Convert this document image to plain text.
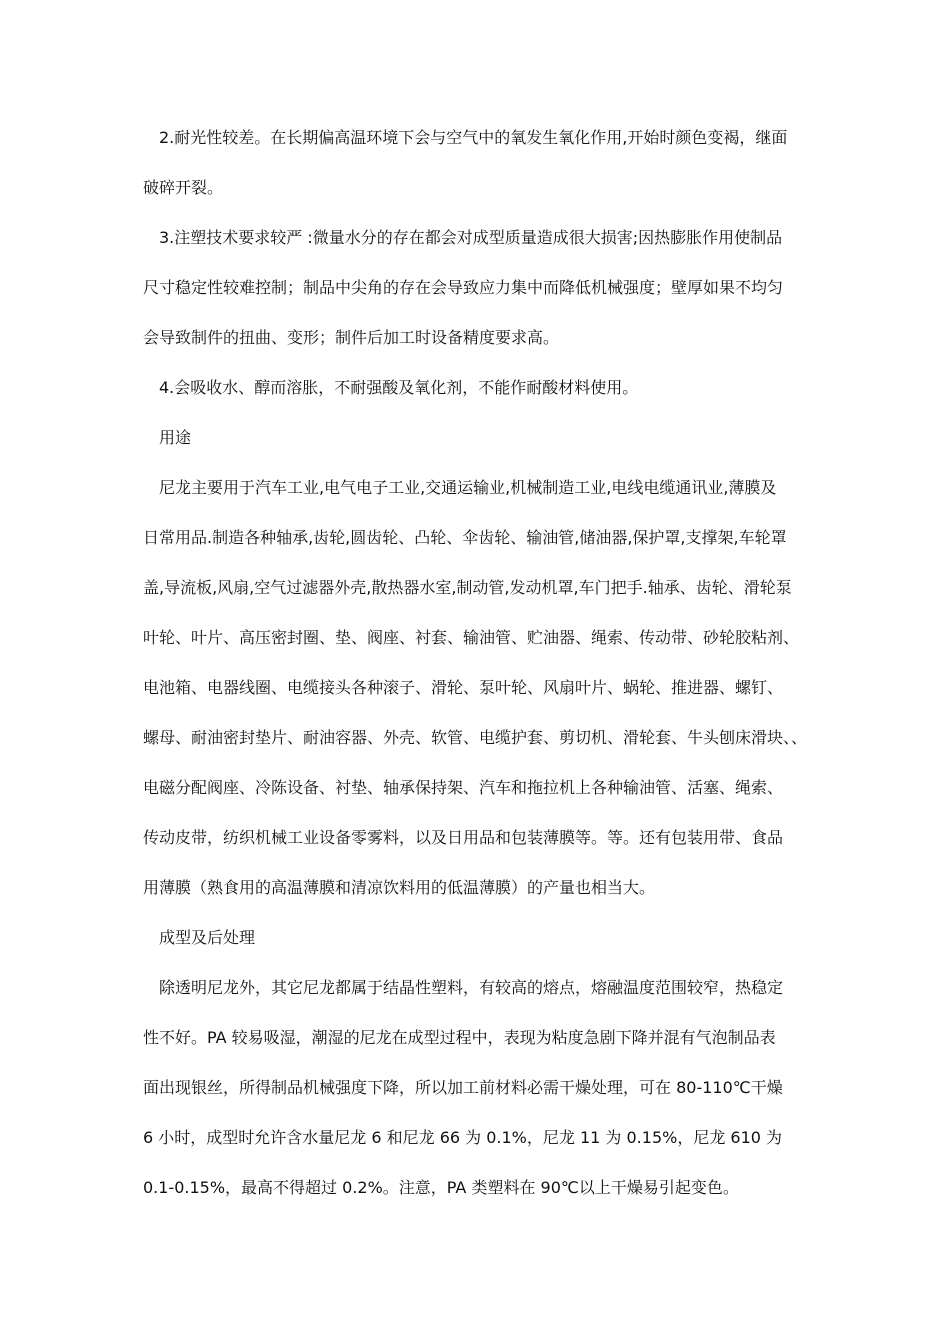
2.耐光性较差。在长期偏高温环境下会与空气中的氧发生氧化作用,开始时颜色变褐，继面
破碎开裂。
3.注塑技术要求较严 :微量水分的存在都会对成型质量造成很大损害;因热膨胀作用使制品
尺寸稳定性较难控制；制品中尖角的存在会导致应力集中而降低机械强度；壁厚如果不均匀
会导致制件的扭曲、变形；制件后加工时设备精度要求高。
4.会吸收水、醇而溶胀，不耐强酸及氧化剂，不能作耐酸材料使用。
用途
尼龙主要用于汽车工业,电气电子工业,交通运输业,机械制造工业,电线电缆通讯业,薄膜及
日常用品.制造各种轴承,齿轮,圆齿轮、凸轮、伞齿轮、输油管,储油器,保护罩,支撑架,车轮罩
盖,导流板,风扇,空气过滤器外壳,散热器水室,制动管,发动机罩,车门把手.轴承、齿轮、滑轮泵
叶轮、叶片、高压密封圈、垫、阀座、衬套、输油管、贮油器、绳索、传动带、砂轮胶粘剂、
电池箱、电器线圈、电缆接头各种滚子、滑轮、泵叶轮、风扇叶片、蜗轮、推进器、螺钉、
螺母、耐油密封垫片、耐油容器、外壳、软管、电缆护套、剪切机、滑轮套、牛头刨床滑块、、
电磁分配阀座、冷陈设备、衬垫、轴承保持架、汽车和拖拉机上各种输油管、活塞、绳索、
传动皮带，纺织机械工业设备零雾料，以及日用品和包装薄膜等。等。还有包装用带、食品
用薄膜（熟食用的高温薄膜和清凉饮料用的低温薄膜）的产量也相当大。
成型及后处理
除透明尼龙外，其它尼龙都属于结晶性塑料，有较高的熔点，熔融温度范围较窄，热稳定
性不好。PA 较易吸湿，潮湿的尼龙在成型过程中，表现为粘度急剧下降并混有气泡制品表
面出现银丝，所得制品机械强度下降，所以加工前材料必需干燥处理，可在 80-110℃干燥
6 小时，成型时允许含水量尼龙 6 和尼龙 66 为 0.1%，尼龙 11 为 0.15%，尼龙 610 为
0.1-0.15%，最高不得超过 0.2%。注意，PA 类塑料在 90℃以上干燥易引起变色。
